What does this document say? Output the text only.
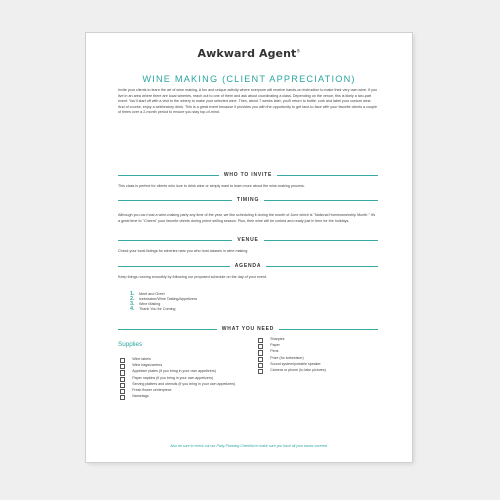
Awkward Agent®
WINE MAKING (CLIENT APPRECIATION)
Invite your clients to learn the art of wine making. A fun and unique activity where everyone will receive hands-on instruction to make their very own wine. If you live in an area where there are local wineries, reach out to one of them and ask about coordinating a class. Depending on the venue, this is likely a two-part event. You'll start off with a visit to the winery to make your selected wine. Then, about 7 weeks later, you'll return to bottle, cork and label your custom wine. And of course, enjoy a celebratory drink. This is a great event because it provides you with the opportunity to get face-to-face with your favorite clients a couple of times over a 2-month period to ensure you stay top-of-mind.
WHO TO INVITE
This class is perfect for clients who love to drink wine or simply want to learn more about the wine-making process.
TIMING
Although you can host a wine-making party any time of the year, we like scheduling it during the month of June which is "National Homeownership Month." It's a great time to "Cheers" your favorite clients during prime selling season. Plus, their wine will be corked and ready just in time for the holidays.
VENUE
Check your local listings for wineries near you who host classes in wine making.
AGENDA
Keep things running smoothly by following our proposed schedule on the day of your event.
1.	Meet and Greet
2.	Icebreaker/Wine Tasting/Appetizers
3.	Wine Making
4.	Thank You for Coming
WHAT YOU NEED
Supplies
Wine labels
Wine bags/carriers
Appetizer plates (if you bring in your own appetizers)
Paper napkins (if you bring in your own appetizers)
Serving platters and utensils (if you bring in your own appetizers)
Fresh flower centerpiece
Nametags
Sharpies
Paper
Pens
Prize (for icebreaker)
Sound system/portable speaker
Camera or phone (to take pictures)
Also be sure to check out our Party Planning Checklist to make sure you have all your bases covered.
